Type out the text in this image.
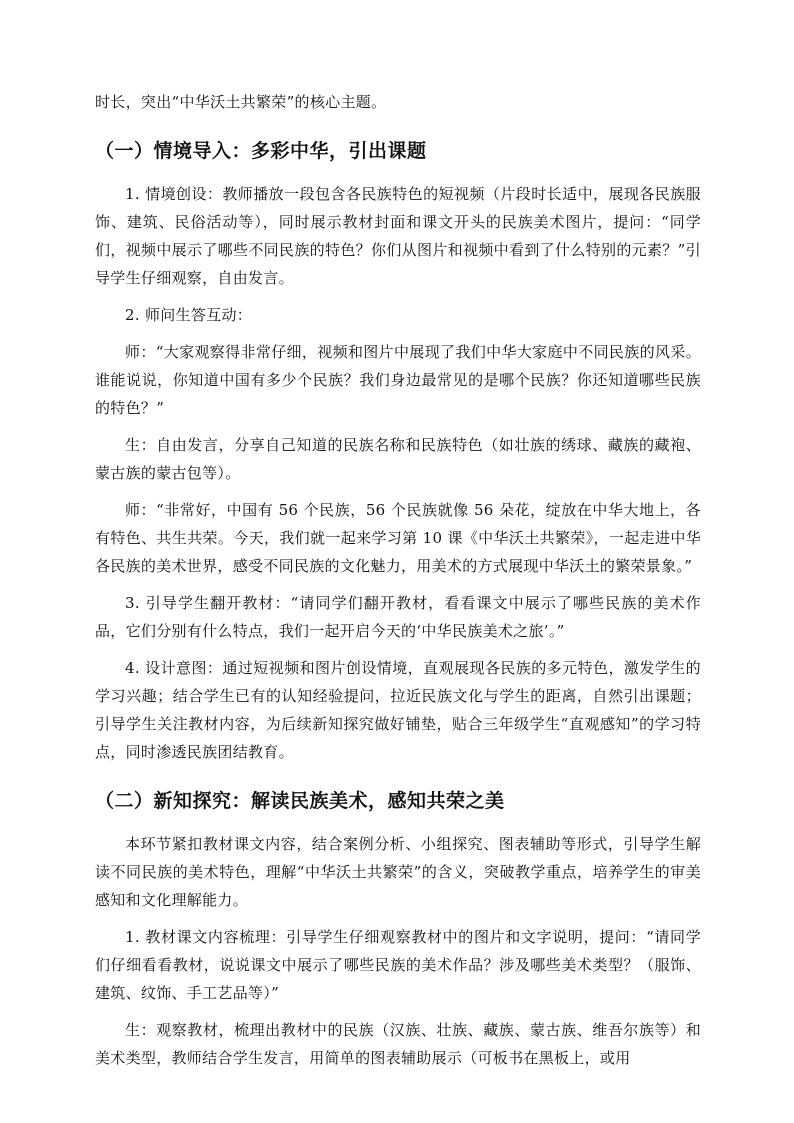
时长，突出“中华沃土共繁荣”的核心主题。

（一）情境导入：多彩中华，引出课题

1. 情境创设：教师播放一段包含各民族特色的短视频（片段时长适中，展现各民族服饰、建筑、民俗活动等），同时展示教材封面和课文开头的民族美术图片，提问：“同学们，视频中展示了哪些不同民族的特色？你们从图片和视频中看到了什么特别的元素？”引导学生仔细观察，自由发言。

2. 师问生答互动：

师：“大家观察得非常仔细，视频和图片中展现了我们中华大家庭中不同民族的风采。谁能说说，你知道中国有多少个民族？我们身边最常见的是哪个民族？你还知道哪些民族的特色？”

生：自由发言，分享自己知道的民族名称和民族特色（如壮族的绣球、藏族的藏袍、蒙古族的蒙古包等）。

师：“非常好，中国有 56 个民族，56 个民族就像 56 朵花，绽放在中华大地上，各有特色、共生共荣。今天，我们就一起来学习第 10 课《中华沃土共繁荣》，一起走进中华各民族的美术世界，感受不同民族的文化魅力，用美术的方式展现中华沃土的繁荣景象。”

3. 引导学生翻开教材：“请同学们翻开教材，看看课文中展示了哪些民族的美术作品，它们分别有什么特点，我们一起开启今天的‘中华民族美术之旅’。”

4. 设计意图：通过短视频和图片创设情境，直观展现各民族的多元特色，激发学生的学习兴趣；结合学生已有的认知经验提问，拉近民族文化与学生的距离，自然引出课题；引导学生关注教材内容，为后续新知探究做好铺垫，贴合三年级学生“直观感知”的学习特点，同时渗透民族团结教育。

（二）新知探究：解读民族美术，感知共荣之美

本环节紧扣教材课文内容，结合案例分析、小组探究、图表辅助等形式，引导学生解读不同民族的美术特色，理解“中华沃土共繁荣”的含义，突破教学重点，培养学生的审美感知和文化理解能力。

1. 教材课文内容梳理：引导学生仔细观察教材中的图片和文字说明，提问：“请同学们仔细看看教材，说说课文中展示了哪些民族的美术作品？涉及哪些美术类型？（服饰、建筑、纹饰、手工艺品等）”

生：观察教材，梳理出教材中的民族（汉族、壮族、藏族、蒙古族、维吾尔族等）和美术类型，教师结合学生发言，用简单的图表辅助展示（可板书在黑板上，或用
